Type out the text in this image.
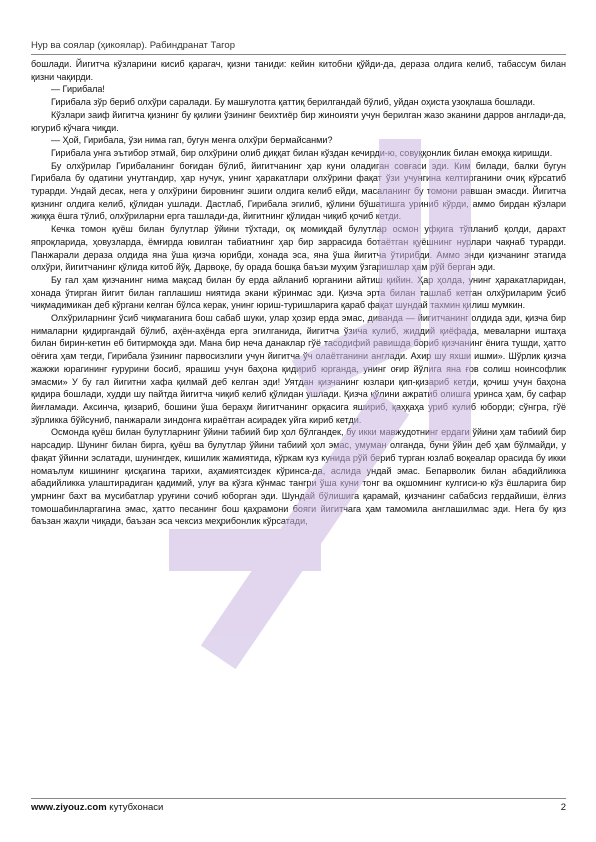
Нур ва соялар (ҳикоялар). Рабиндранат Тагор

бошлади. Йигитча кўзларини кисиб қарагач, қизни таниди: кейин китобни қўйди-да, дераза олдига келиб, табассум билан қизни чақирди.

— Гирибала!

Гирибала зўр бериб олхўри саралади. Бу машғулотга қаттиқ берилгандай бўлиб, уйдан оҳиста узоқлаша бошлади.

Кўзлари заиф йигитча қизнинг бу қилиғи ўзининг беихтиёр бир жиноияти учун берилган жазо эканини дарров англади-да, югуриб кўчага чиқди.

— Ҳой, Гирибала, ўзи нима гап, бугун менга олхўри бермайсанми?

Гирибала унга эътибор этмай, бир олхўрини олиб диққат билан кўздан кечирди-ю, совуққонлик билан емоққа киришди.

Бу олхўрилар Гирибаланинг боғидан бўлиб, йигитчанинг ҳар куни оладиган совғаси эди. Ким билади, балки бугун Гирибала бу одатини унутгандир, ҳар нучук, унинг ҳаракатлари олхўрини фақат ўзи учунгина келтирганини очиқ кўрсатиб турарди. Ундай десак, нега у олхўрини бировнинг эшиги олдига келиб ейди, масаланинг бу томони равшан эмасди. Йигитча қизнинг олдига келиб, қўлидан ушлади. Дастлаб, Гирибала эгилиб, қўлини бўшатишга уриниб кўрди, аммо бирдан кўзлари жиққа ёшга тўлиб, олхўриларни ерга ташлади-да, йигитнинг қўлидан чиқиб қочиб кетди.

Кечка томон қуёш билан булутлар ўйини тўхтади, оқ момиқдай булутлар осмон уфқига тўпланиб қолди, дарахт япроқларида, ҳовузларда, ёмғирда ювилган табиатнинг ҳар бир заррасида ботаётган қуёшнинг нурлари чақнаб турарди. Панжарали дераза олдида яна ўша қизча юрибди, хонада эса, яна ўша йигитча ўтирибди. Аммо энди қизчанинг этагида олхўри, йигитчанинг қўлида китоб йўқ. Дарвоқе, бу орада бошқа баъзи муҳим ўзгаришлар ҳам рўй берган эди.

Бу гал ҳам қизчанинг нима мақсад билан бу ерда айланиб юрганини айтиш қийин. Ҳар ҳолда, унинг ҳаракатларидан, хонада ўтирган йигит билан гаплашиш ниятида экани кўринмас эди. Қизча эрта билан ташлаб кетган олхўриларим ўсиб чиқмадимикан деб кўргани келган бўлса керак, унинг юриш-туришларига қараб фақат шундай тахмин қилиш мумкин.

Олхўриларнинг ўсиб чиқмаганига бош сабаб шуки, улар ҳозир ерда эмас, диванда — йигитчанинг олдида эди, қизча бир нималарни қидиргандай бўлиб, аҳён-аҳёнда ерга эгилганида, йигитча ўзича кулиб, жиддий қиёфада, меваларни иштаҳа билан бирин-кетин еб битирмоқда эди. Мана бир неча данаклар гўё тасодифий равишда бориб қизчанинг ёнига тушди, ҳатто оёғига ҳам тегди, Гирибала ўзининг парвосизлиги учун йигитча ўч олаётганини англади. Ахир шу яхши ишми». Шўрлик қизча жажжи юрагининг ғурурини босиб, ярашиш учун баҳона қидириб юрганда, унинг оғир йўлига яна ғов солиш ноинсофлик эмасми» У бу гал йигитни хафа қилмай деб келган эди! Уятдан қизчанинг юзлари қип-қизариб кетди, қочиш учун баҳона қидира бошлади, худди шу пайтда йигитча чиқиб келиб қўлидан ушлади. Қизча қўлини ажратиб олишга уринса ҳам, бу сафар йиғламади. Аксинча, қизариб, бошини ўша бераҳм йигитчанинг орқасига яшириб, қаҳқаҳа уриб кулиб юборди; сўнгра, гўё зўрликка бўйсуниб, панжарали зиндонга кираётган асирадек уйга кириб кетди.

Осмонда қуёш билан булутларнинг ўйини табиий бир ҳол бўлгандек, бу икки мавжудотнинг ердаги ўйини ҳам табиий бир нарсадир. Шунинг билан бирга, қуёш ва булутлар ўйини табиий ҳол эмас, умуман олганда, буни ўйин деб ҳам бўлмайди, у фақат ўйинни эслатади, шунингдек, кишилик жамиятида, кўркам куз кунида рўй бериб турган юзлаб воқеалар орасида бу икки номаълум кишининг қисқагина тарихи, аҳамиятсиздек кўринса-да, аслида ундай эмас. Бепарволик билан абадийликка абадийликка улаштирадиган қадимий, улуғ ва кўзга кўнмас тангри ўша куни тонг ва оқшомнинг кулгиси-ю кўз ёшларига бир умрнинг бахт ва мусибатлар уруғини сочиб юборган эди. Шундай бўлишига қарамай, қизчанинг сабабсиз гердайиши, ёлғиз томошабинларгагина эмас, ҳатто песанинг бош қаҳрамони бояги йигитчага ҳам тамомила англашилмас эди. Нега бу қиз баъзан жаҳли чиқади, баъзан эса чексиз меҳрибонлик кўрсатади,

www.ziyouz.com кутубхонаси	2
